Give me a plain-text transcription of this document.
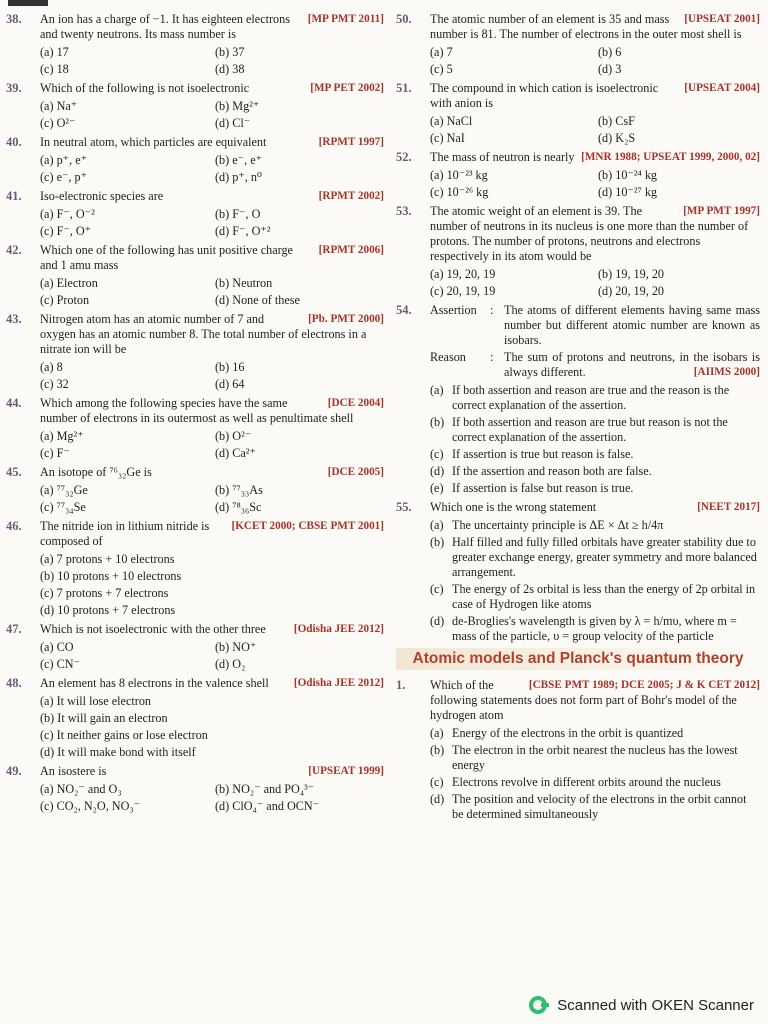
38.	[MP PMT 2011]
An ion has a charge of −1. It has eighteen electrons and twenty neutrons. Its mass number is
(a) 17	(b) 37
(c) 18	(d) 38
39.	[MP PET 2002]
Which of the following is not isoelectronic
(a) Na⁺	(b) Mg²⁺
(c) O²⁻	(d) Cl⁻
40.	[RPMT 1997]
In neutral atom, which particles are equivalent
(a) p⁺, e⁺	(b) e⁻, e⁺
(c) e⁻, p⁺	(d) p⁺, n⁰
41.	[RPMT 2002]
Iso-electronic species are
(a) F⁻, O⁻²	(b) F⁻, O
(c) F⁻, O⁺	(d) F⁻, O⁺²
42.	[RPMT 2006]
Which one of the following has unit positive charge and 1 amu mass
(a) Electron	(b) Neutron
(c) Proton	(d) None of these
43.	[Pb. PMT 2000]
Nitrogen atom has an atomic number of 7 and oxygen has an atomic number 8. The total number of electrons in a nitrate ion will be
(a) 8	(b) 16
(c) 32	(d) 64
44.	[DCE 2004]
Which among the following species have the same number of electrons in its outermost as well as penultimate shell
(a) Mg²⁺	(b) O²⁻
(c) F⁻	(d) Ca²⁺
45.	[DCE 2005]
An isotope of ⁷⁶₃₂Ge is
(a) ⁷⁷₃₂Ge	(b) ⁷⁷₃₃As
(c) ⁷⁷₃₄Se	(d) ⁷⁸₃₆Sc
46.	[KCET 2000; CBSE PMT 2001]
The nitride ion in lithium nitride is composed of
(a) 7 protons + 10 electrons
(b) 10 protons + 10 electrons
(c) 7 protons + 7 electrons
(d) 10 protons + 7 electrons
47.	[Odisha JEE 2012]
Which is not isoelectronic with the other three
(a) CO	(b) NO⁺
(c) CN⁻	(d) O₂
48.	[Odisha JEE 2012]
An element has 8 electrons in the valence shell
(a) It will lose electron
(b) It will gain an electron
(c) It neither gains or lose electron
(d) It will make bond with itself
49.	[UPSEAT 1999]
An isostere is
(a) NO₂⁻ and O₃	(b) NO₂⁻ and PO₄³⁻
(c) CO₂, N₂O, NO₃⁻	(d) ClO₄⁻ and OCN⁻
50.	[UPSEAT 2001]
The atomic number of an element is 35 and mass number is 81. The number of electrons in the outer most shell is
(a) 7	(b) 6
(c) 5	(d) 3
51.	[UPSEAT 2004]
The compound in which cation is isoelectronic with anion is
(a) NaCl	(b) CsF
(c) NaI	(d) K₂S
52.	[MNR 1988; UPSEAT 1999, 2000, 02]
The mass of neutron is nearly
(a) 10⁻²³ kg	(b) 10⁻²⁴ kg
(c) 10⁻²⁶ kg	(d) 10⁻²⁷ kg
53.	[MP PMT 1997]
The atomic weight of an element is 39. The number of neutrons in its nucleus is one more than the number of protons. The number of protons, neutrons and electrons respectively in its atom would be
(a) 19, 20, 19	(b) 19, 19, 20
(c) 20, 19, 19	(d) 20, 19, 20
54. Assertion	: The atoms of different elements having same mass number but different atomic number are known as isobars.
Reason	: The sum of protons and neutrons, in the isobars is always different.	[AIIMS 2000]
(a) If both assertion and reason are true and the reason is the correct explanation of the assertion.
(b) If both assertion and reason are true but reason is not the correct explanation of the assertion.
(c) If assertion is true but reason is false.
(d) If the assertion and reason both are false.
(e) If assertion is false but reason is true.
55.	[NEET 2017]
Which one is the wrong statement
(a) The uncertainty principle is ΔE × Δt ≥ h/4π
(b) Half filled and fully filled orbitals have greater stability due to greater exchange energy, greater symmetry and more balanced arrangement.
(c) The energy of 2s orbital is less than the energy of 2p orbital in case of Hydrogen like atoms
(d) de-Broglies's wavelength is given by λ = h/mυ, where m = mass of the particle, υ = group velocity of the particle
Atomic models and Planck's quantum theory
1.	[CBSE PMT 1989; DCE 2005; J & K CET 2012]
Which of the following statements does not form part of Bohr's model of the hydrogen atom
(a) Energy of the electrons in the orbit is quantized
(b) The electron in the orbit nearest the nucleus has the lowest energy
(c) Electrons revolve in different orbits around the nucleus
(d) The position and velocity of the electrons in the orbit cannot be determined simultaneously
Scanned with OKEN Scanner
